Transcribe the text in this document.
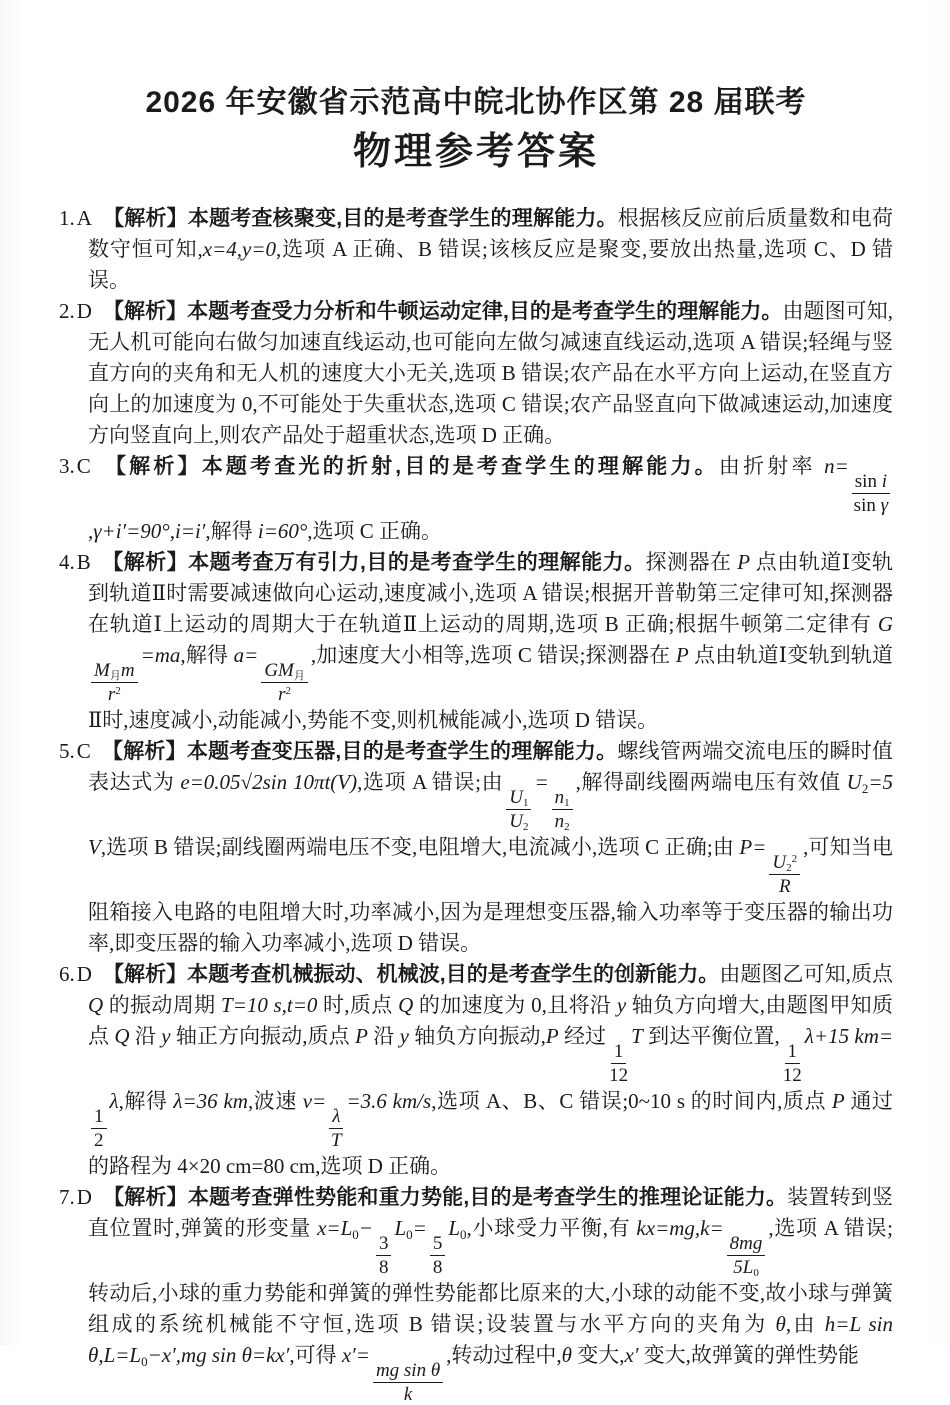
2026 年安徽省示范高中皖北协作区第 28 届联考
物理参考答案

1.A 【解析】本题考查核聚变,目的是考查学生的理解能力。根据核反应前后质量数和电荷数守恒可知,x=4,y=0,选项 A 正确、B 错误;该核反应是聚变,要放出热量,选项 C、D 错误。

2.D 【解析】本题考查受力分析和牛顿运动定律,目的是考查学生的理解能力。由题图可知,无人机可能向右做匀加速直线运动,也可能向左做匀减速直线运动,选项 A 错误;轻绳与竖直方向的夹角和无人机的速度大小无关,选项 B 错误;农产品在水平方向上运动,在竖直方向上的加速度为 0,不可能处于失重状态,选项 C 错误;农产品竖直向下做减速运动,加速度方向竖直向上,则农产品处于超重状态,选项 D 正确。

3.C 【解析】本题考查光的折射,目的是考查学生的理解能力。由折射率 n=
$\frac{\text{sin i}}{\text{sin γ}}$
,γ+i′=90°,i=i′,解得 i=60°,选项 C 正确。

4.B 【解析】本题考查万有引力,目的是考查学生的理解能力。探测器在 P 点由轨道Ⅰ变轨到轨道Ⅱ时需要减速做向心运动,速度减小,选项 A 错误;根据开普勒第三定律可知,探测器在轨道Ⅰ上运动的周期大于在轨道Ⅱ上运动的周期,选项 B 正确;根据牛顿第二定律有 G
$\frac{M_月m}{r^2}$
=ma,解得 a=
$\frac{GM_月}{r^2}$
,加速度大小相等,选项 C 错误;探测器在 P 点由轨道Ⅰ变轨到轨道Ⅱ时,速度减小,动能减小,势能不变,则机械能减小,选项 D 错误。

5.C 【解析】本题考查变压器,目的是考查学生的理解能力。螺线管两端交流电压的瞬时值表达式为 e=0.05√2sin 10πt(V),选项 A 错误;由
$\frac{U_1}{U_2}$
=
$\frac{n_1}{n_2}$
,解得副线圈两端电压有效值 $U_2=5$ V,选项 B 错误;副线圈两端电压不变,电阻增大,电流减小,选项 C 正确;由 P=
$\frac{U_2^2}{R}$
,可知当电阻箱接入电路的电阻增大时,功率减小,因为是理想变压器,输入功率等于变压器的输出功率,即变压器的输入功率减小,选项 D 错误。

6.D 【解析】本题考查机械振动、机械波,目的是考查学生的创新能力。由题图乙可知,质点 Q 的振动周期 T=10 s,t=0 时,质点 Q 的加速度为 0,且将沿 y 轴负方向增大,由题图甲知质点 Q 沿 y 轴正方向振动,质点 P 沿 y 轴负方向振动,P 经过
$\frac{1}{12}$
T 到达平衡位置,
$\frac{1}{12}$
λ+15 km=
$\frac{1}{2}$
λ,解得 λ=36 km,波速 v=
$\frac{\lambda}{T}$
=3.6 km/s,选项 A、B、C 错误;0~10 s 的时间内,质点 P 通过的路程为 4×20 cm=80 cm,选项 D 正确。

7.D 【解析】本题考查弹性势能和重力势能,目的是考查学生的推理论证能力。装置转到竖直位置时,弹簧的形变量 $x=L_0-$
$\frac{3}{8}$
$L_0=$
$\frac{5}{8}$
$L_0$,小球受力平衡,有 kx=mg,k=
$\frac{8mg}{5L_0}$
,选项 A 错误;转动后,小球的重力势能和弹簧的弹性势能都比原来的大,小球的动能不变,故小球与弹簧组成的系统机械能不守恒,选项 B 错误;设装置与水平方向的夹角为 θ,由 h=L $\sin \theta,L=L_0-x',mg$ sin θ=kx′,可得 x′=
$\frac{\text{mg sin θ}}{k}$
,转动过程中,θ 变大,x′ 变大,故弹簧的弹性势能
